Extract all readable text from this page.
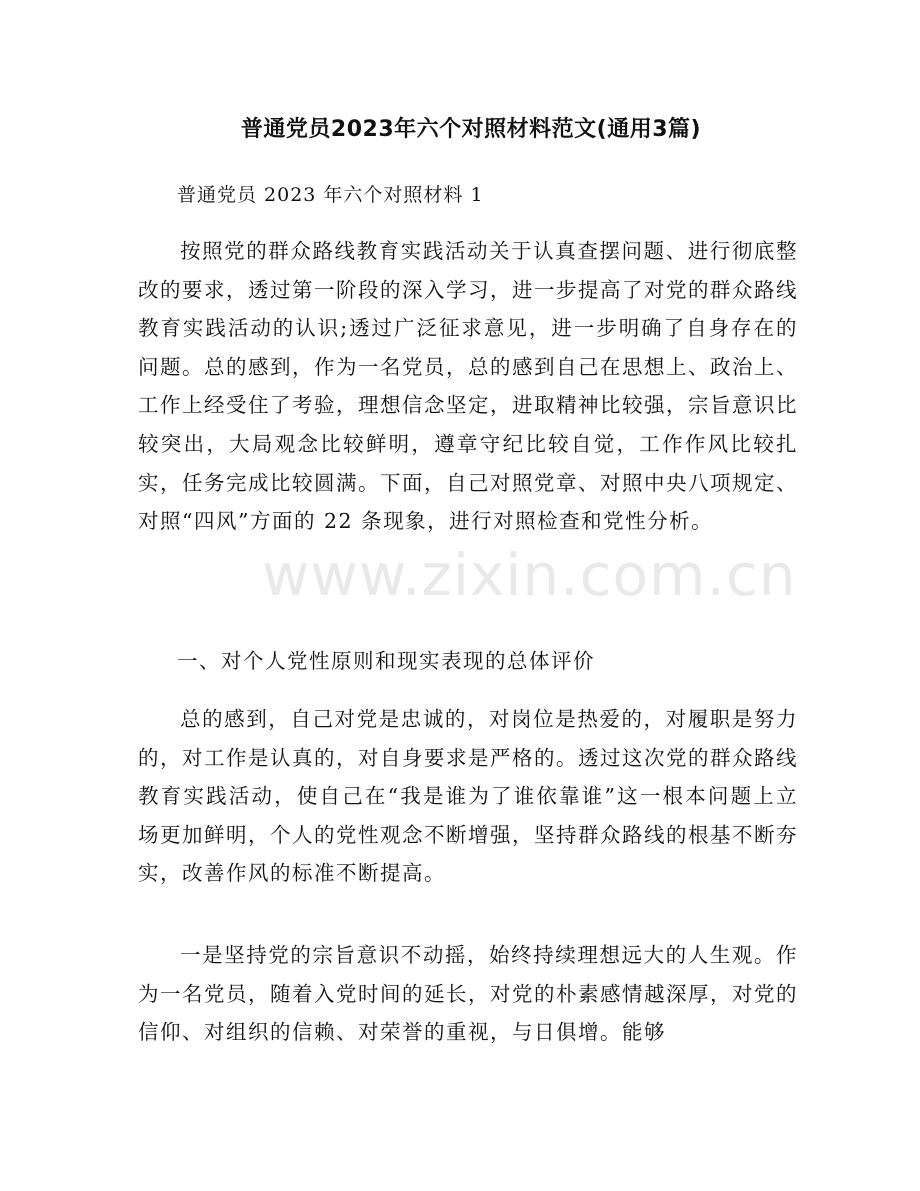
普通党员2023年六个对照材料范文(通用3篇)
普通党员 2023 年六个对照材料 1

按照党的群众路线教育实践活动关于认真查摆问题、进行彻底整改的要求，透过第一阶段的深入学习，进一步提高了对党的群众路线教育实践活动的认识;透过广泛征求意见，进一步明确了自身存在的问题。总的感到，作为一名党员，总的感到自己在思想上、政治上、工作上经受住了考验，理想信念坚定，进取精神比较强，宗旨意识比较突出，大局观念比较鲜明，遵章守纪比较自觉，工作作风比较扎实，任务完成比较圆满。下面，自己对照党章、对照中央八项规定、对照“四风”方面的 22 条现象，进行对照检查和党性分析。

一、对个人党性原则和现实表现的总体评价

总的感到，自己对党是忠诚的，对岗位是热爱的，对履职是努力的，对工作是认真的，对自身要求是严格的。透过这次党的群众路线教育实践活动，使自己在“我是谁为了谁依靠谁”这一根本问题上立场更加鲜明，个人的党性观念不断增强，坚持群众路线的根基不断夯实，改善作风的标准不断提高。

一是坚持党的宗旨意识不动摇，始终持续理想远大的人生观。作为一名党员，随着入党时间的延长，对党的朴素感情越深厚，对党的信仰、对组织的信赖、对荣誉的重视，与日俱增。能够

www.zixin.com.cn
